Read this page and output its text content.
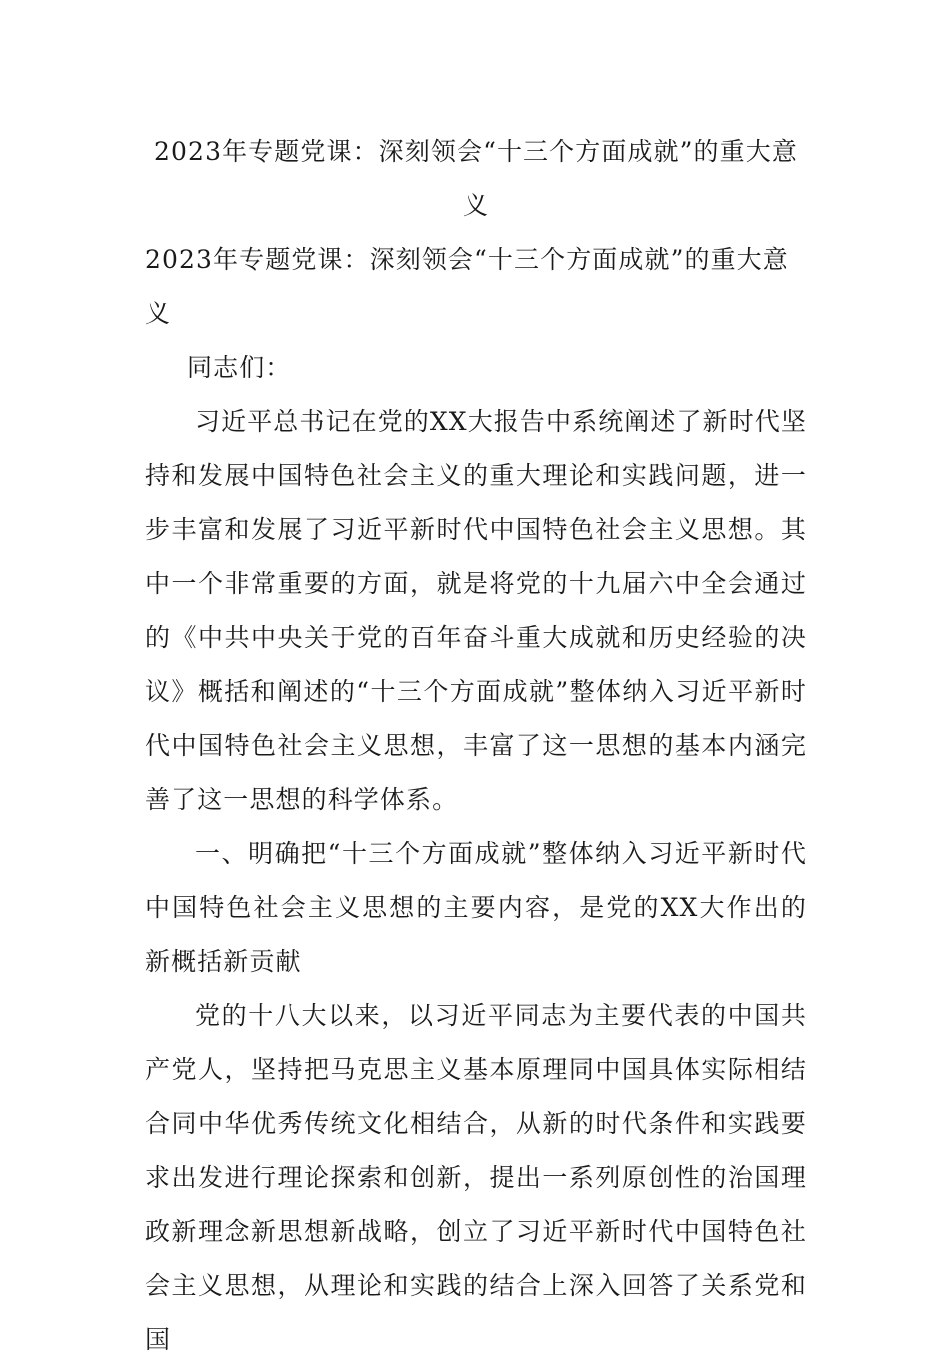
2023年专题党课：深刻领会“十三个方面成就”的重大意义
2023年专题党课：深刻领会“十三个方面成就”的重大意义

同志们：

习近平总书记在党的XX大报告中系统阐述了新时代坚持和发展中国特色社会主义的重大理论和实践问题，进一步丰富和发展了习近平新时代中国特色社会主义思想。其中一个非常重要的方面，就是将党的十九届六中全会通过的《中共中央关于党的百年奋斗重大成就和历史经验的决议》概括和阐述的“十三个方面成就”整体纳入习近平新时代中国特色社会主义思想，丰富了这一思想的基本内涵完善了这一思想的科学体系。

一、明确把“十三个方面成就”整体纳入习近平新时代中国特色社会主义思想的主要内容，是党的XX大作出的新概括新贡献

党的十八大以来，以习近平同志为主要代表的中国共产党人，坚持把马克思主义基本原理同中国具体实际相结合同中华优秀传统文化相结合，从新的时代条件和实践要求出发进行理论探索和创新，提出一系列原创性的治国理政新理念新思想新战略，创立了习近平新时代中国特色社会主义思想，从理论和实践的结合上深入回答了关系党和国
